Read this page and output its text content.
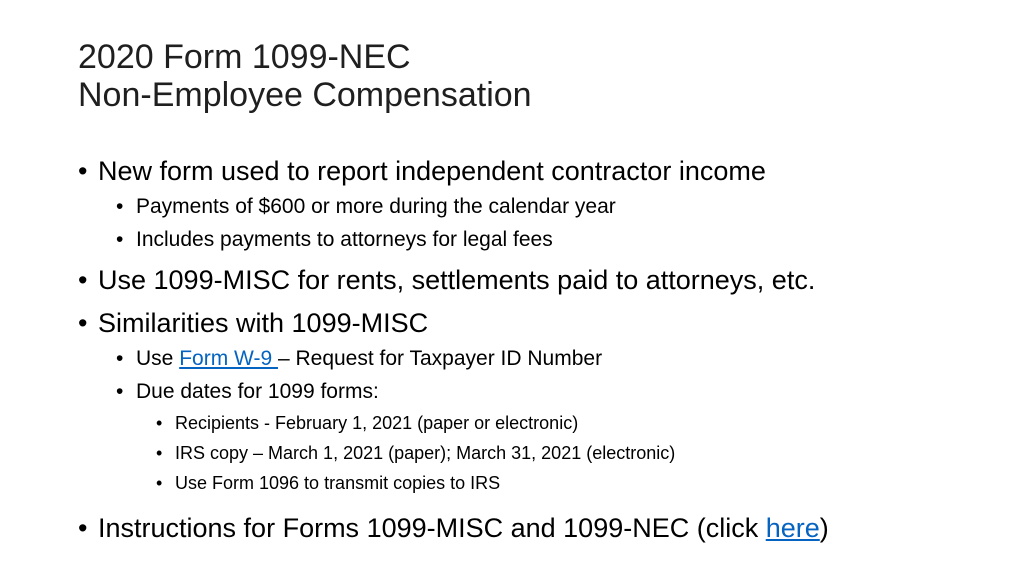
2020 Form 1099-NEC
Non-Employee Compensation
• New form used to report independent contractor income
• Payments of $600 or more during the calendar year
• Includes payments to attorneys for legal fees
• Use 1099-MISC for rents, settlements paid to attorneys, etc.
• Similarities with 1099-MISC
• Use Form W-9 – Request for Taxpayer ID Number
• Due dates for 1099 forms:
• Recipients - February 1, 2021 (paper or electronic)
• IRS copy – March 1, 2021 (paper); March 31, 2021 (electronic)
• Use Form 1096 to transmit copies to IRS
• Instructions for Forms 1099-MISC and 1099-NEC (click here)
